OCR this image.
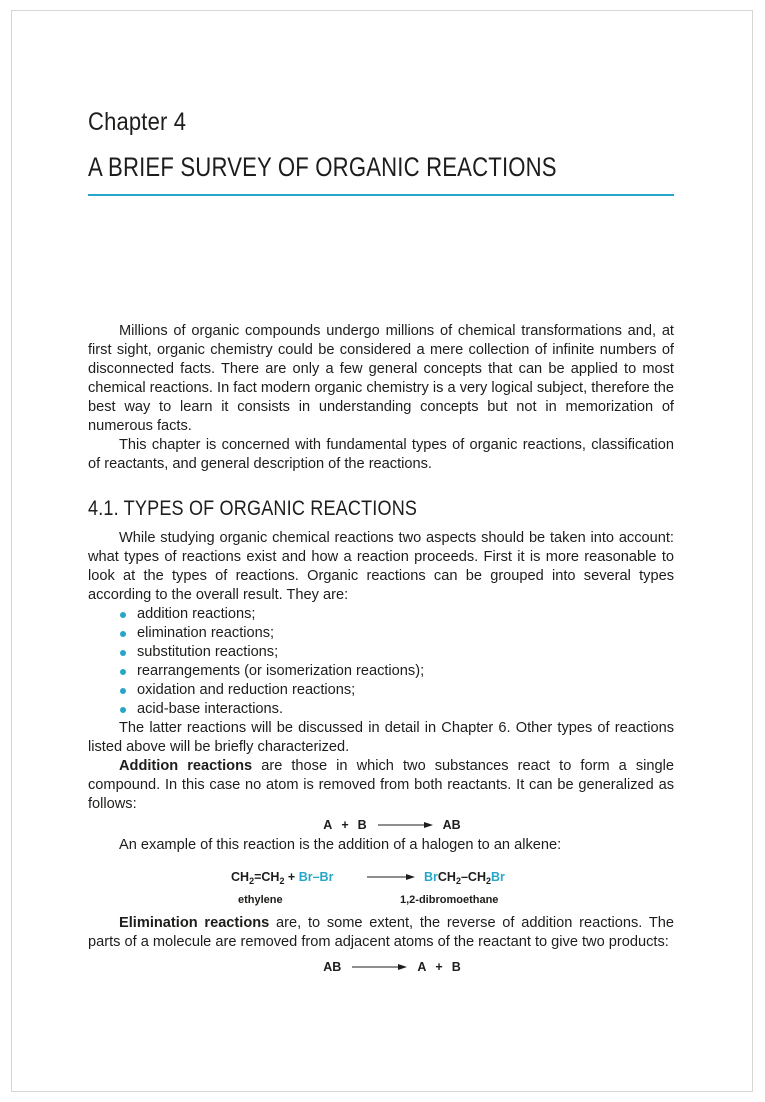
Chapter 4
A BRIEF SURVEY OF ORGANIC REACTIONS

Millions of organic compounds undergo millions of chemical transformations and, at first sight, organic chemistry could be considered a mere collection of infinite numbers of disconnected facts. There are only a few general concepts that can be applied to most chemical reactions. In fact modern organic chemistry is a very logical subject, therefore the best way to learn it consists in understanding concepts but not in memorization of numerous facts.

This chapter is concerned with fundamental types of organic reactions, classification of reactants, and general description of the reactions.

4.1. TYPES OF ORGANIC REACTIONS

While studying organic chemical reactions two aspects should be taken into account: what types of reactions exist and how a reaction proceeds. First it is more reasonable to look at the types of reactions. Organic reactions can be grouped into several types according to the overall result. They are:

addition reactions;
elimination reactions;
substitution reactions;
rearrangements (or isomerization reactions);
oxidation and reduction reactions;
acid-base interactions.

The latter reactions will be discussed in detail in Chapter 6. Other types of reactions listed above will be briefly characterized.

Addition reactions are those in which two substances react to form a single compound. In this case no atom is removed from both reactants. It can be generalized as follows:

A + B	AB

An example of this reaction is the addition of a halogen to an alkene:

$CH_2=CH_2 + Br-Br$	→ $BrCH_2-CH_2Br$
ethylene	1,2-dibromoethane

Elimination reactions are, to some extent, the reverse of addition reactions. The parts of a molecule are removed from adjacent atoms of the reactant to give two products:

AB	A + B
